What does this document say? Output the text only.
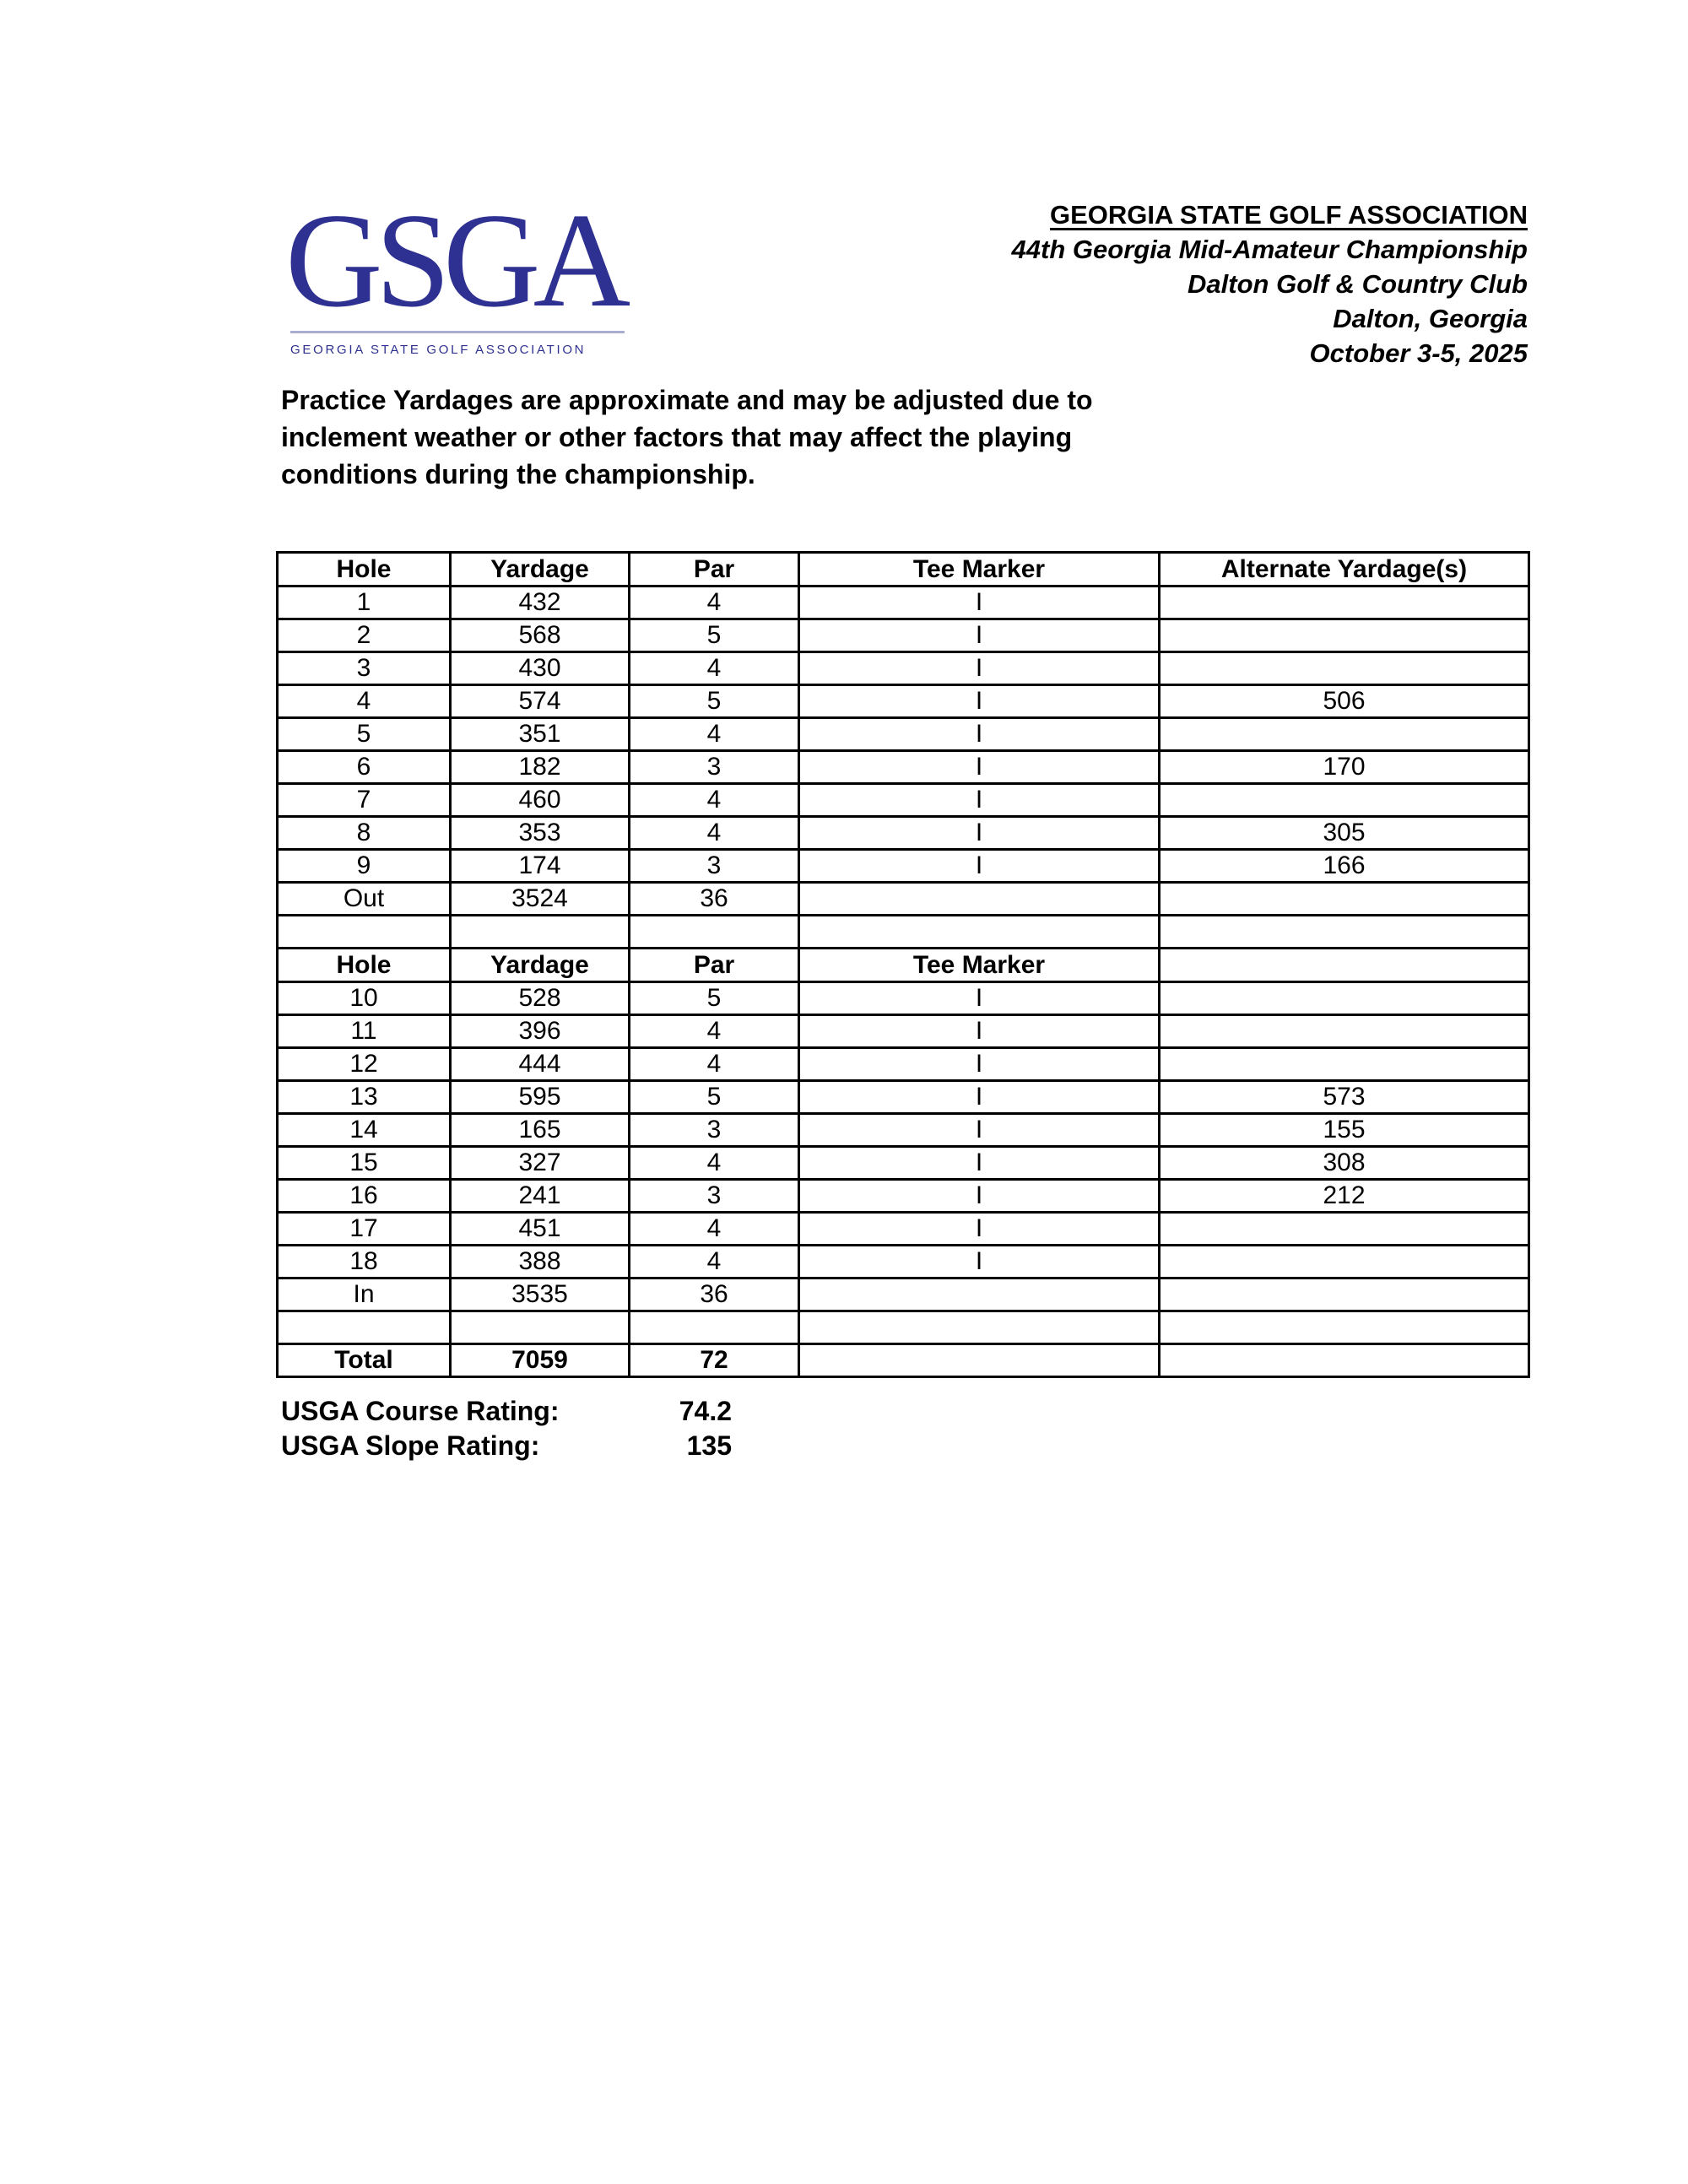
GSGA
GEORGIA STATE GOLF ASSOCIATION
GEORGIA STATE GOLF ASSOCIATION
44th Georgia Mid-Amateur Championship
Dalton Golf & Country Club
Dalton, Georgia
October 3-5, 2025
Practice Yardages are approximate and may be adjusted due to
inclement weather or other factors that may affect the playing
conditions during the championship.
Hole	Yardage	Par	Tee Marker	Alternate Yardage(s)
1	432	4	I	
2	568	5	I	
3	430	4	I	
4	574	5	I	506
5	351	4	I	
6	182	3	I	170
7	460	4	I	
8	353	4	I	305
9	174	3	I	166
Out	3524	36		

Hole	Yardage	Par	Tee Marker	
10	528	5	I	
11	396	4	I	
12	444	4	I	
13	595	5	I	573
14	165	3	I	155
15	327	4	I	308
16	241	3	I	212
17	451	4	I	
18	388	4	I	
In	3535	36		

Total	7059	72		
USGA Course Rating:	74.2
USGA Slope Rating:	135
